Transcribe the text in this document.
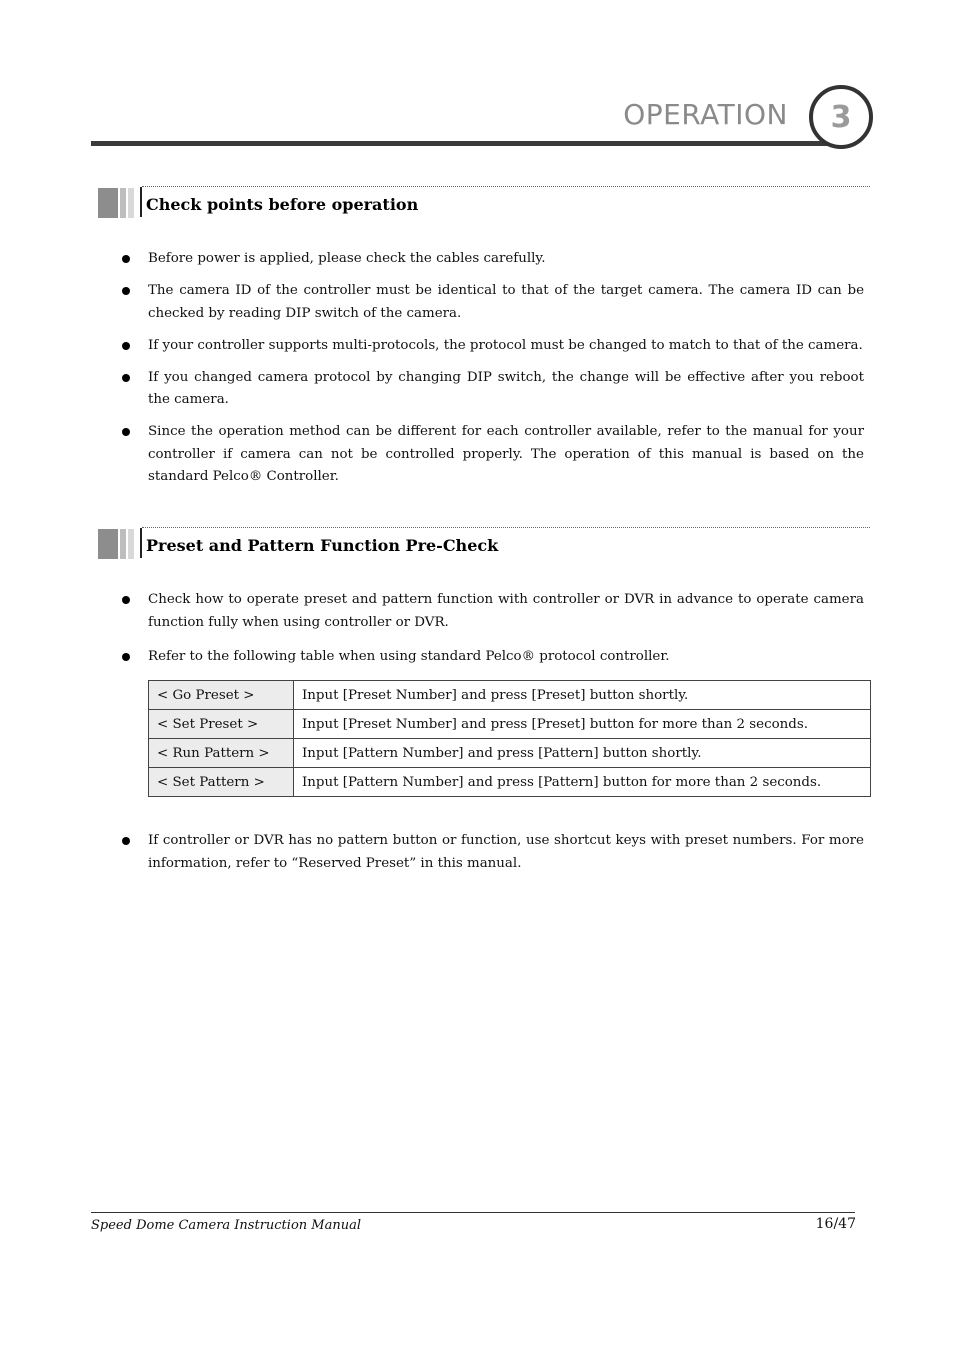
OPERATION	3
Check points before operation
Before power is applied, please check the cables carefully.
The camera ID of the controller must be identical to that of the target camera. The camera ID can be checked by reading DIP switch of the camera.
If your controller supports multi-protocols, the protocol must be changed to match to that of the camera.
If you changed camera protocol by changing DIP switch, the change will be effective after you reboot the camera.
Since the operation method can be different for each controller available, refer to the manual for your controller if camera can not be controlled properly. The operation of this manual is based on the standard Pelco® Controller.
Preset and Pattern Function Pre-Check
Check how to operate preset and pattern function with controller or DVR in advance to operate camera function fully when using controller or DVR.
Refer to the following table when using standard Pelco® protocol controller.
< Go Preset >	Input [Preset Number] and press [Preset] button shortly.
< Set Preset >	Input [Preset Number] and press [Preset] button for more than 2 seconds.
< Run Pattern >	Input [Pattern Number] and press [Pattern] button shortly.
< Set Pattern >	Input [Pattern Number] and press [Pattern] button for more than 2 seconds.
If controller or DVR has no pattern button or function, use shortcut keys with preset numbers. For more information, refer to “Reserved Preset” in this manual.
Speed Dome Camera Instruction Manual	16/47
